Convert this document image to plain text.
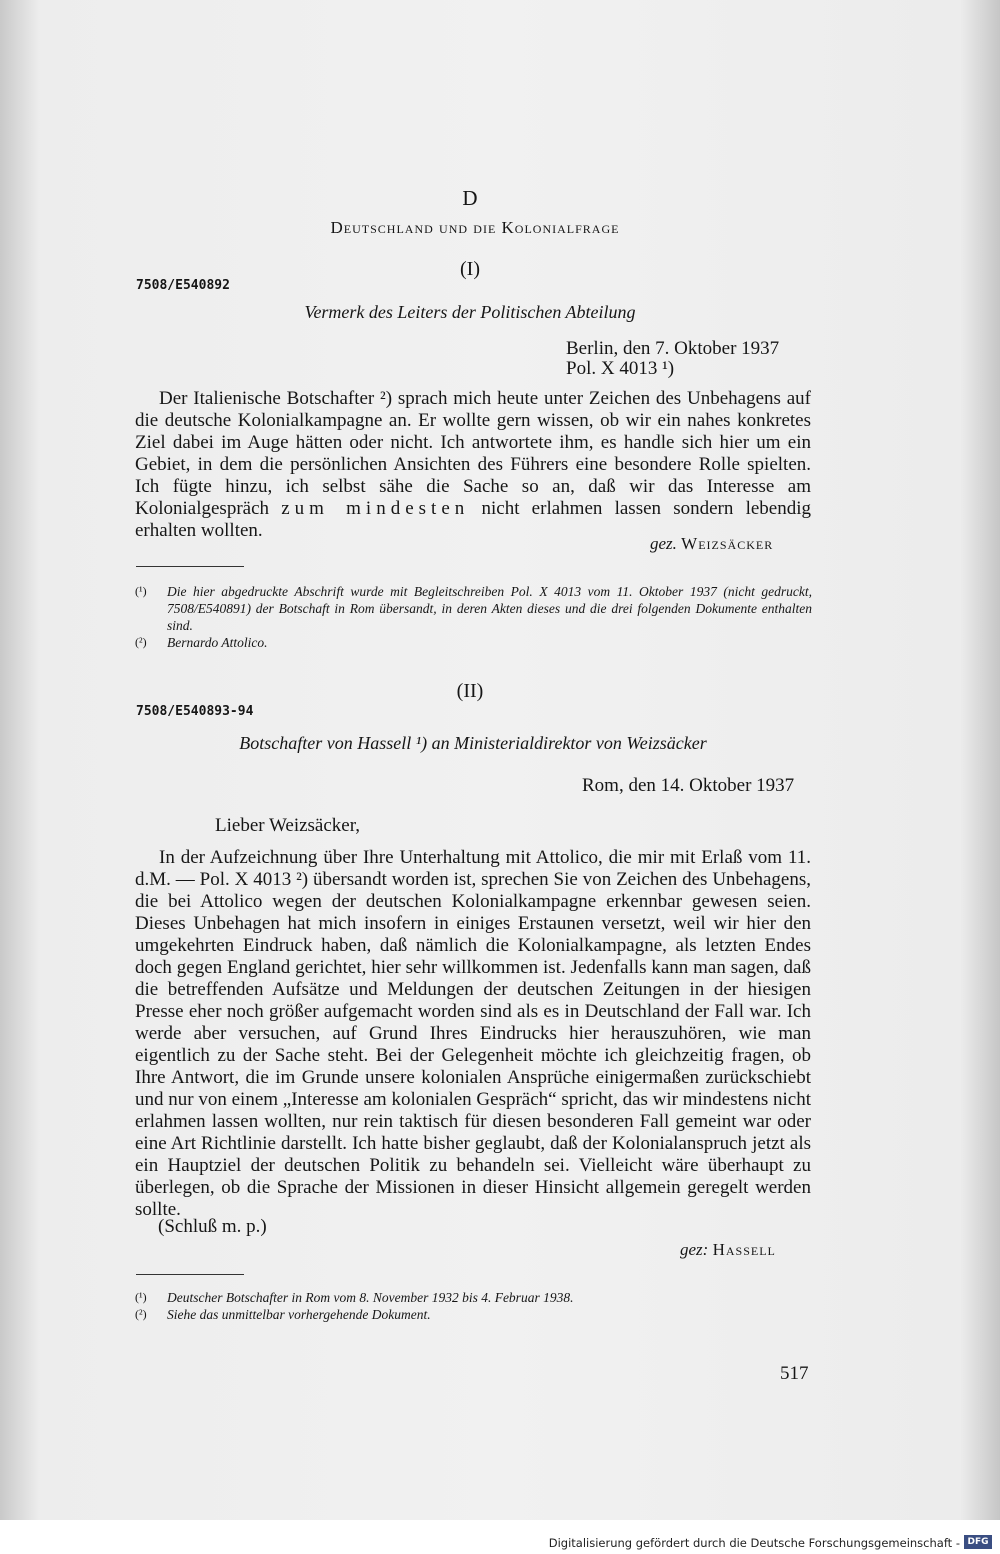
D
Deutschland und die Kolonialfrage
(I)
7508/E540892
Vermerk des Leiters der Politischen Abteilung
Berlin, den 7. Oktober 1937
Pol. X 4013 ¹)

Der Italienische Botschafter ²) sprach mich heute unter Zeichen des Unbehagens auf die deutsche Kolonialkampagne an. Er wollte gern wissen, ob wir ein nahes konkretes Ziel dabei im Auge hätten oder nicht. Ich antwortete ihm, es handle sich hier um ein Gebiet, in dem die persönlichen Ansichten des Führers eine besondere Rolle spielten. Ich fügte hinzu, ich selbst sähe die Sache so an, daß wir das Interesse am Kolonialgespräch zum mindesten nicht erlahmen lassen sondern lebendig erhalten wollten.

gez. Weizsäcker
(¹)	Die hier abgedruckte Abschrift wurde mit Begleitschreiben Pol. X 4013 vom 11. Oktober 1937 (nicht gedruckt, 7508/E540891) der Botschaft in Rom übersandt, in deren Akten dieses und die drei folgenden Dokumente enthalten sind.
(²)	Bernardo Attolico.
(II)
7508/E540893-94
Botschafter von Hassell ¹) an Ministerialdirektor von Weizsäcker
Rom, den 14. Oktober 1937
Lieber Weizsäcker,

In der Aufzeichnung über Ihre Unterhaltung mit Attolico, die mir mit Erlaß vom 11. d.M. — Pol. X 4013 ²) übersandt worden ist, sprechen Sie von Zeichen des Unbehagens, die bei Attolico wegen der deutschen Kolonialkampagne erkennbar gewesen seien. Dieses Unbehagen hat mich insofern in einiges Erstaunen versetzt, weil wir hier den umgekehrten Eindruck haben, daß nämlich die Kolonialkampagne, als letzten Endes doch gegen England gerichtet, hier sehr willkommen ist. Jedenfalls kann man sagen, daß die betreffenden Aufsätze und Meldungen der deutschen Zeitungen in der hiesigen Presse eher noch größer aufgemacht worden sind als es in Deutschland der Fall war. Ich werde aber versuchen, auf Grund Ihres Eindrucks hier herauszuhören, wie man eigentlich zu der Sache steht. Bei der Gelegenheit möchte ich gleichzeitig fragen, ob Ihre Antwort, die im Grunde unsere kolonialen Ansprüche einigermaßen zurückschiebt und nur von einem „Interesse am kolonialen Gespräch“ spricht, das wir mindestens nicht erlahmen lassen wollten, nur rein taktisch für diesen besonderen Fall gemeint war oder eine Art Richtlinie darstellt. Ich hatte bisher geglaubt, daß der Kolonialanspruch jetzt als ein Hauptziel der deutschen Politik zu behandeln sei. Vielleicht wäre überhaupt zu überlegen, ob die Sprache der Missionen in dieser Hinsicht allgemein geregelt werden sollte.

(Schluß m. p.)
gez: Hassell
(¹)	Deutscher Botschafter in Rom vom 8. November 1932 bis 4. Februar 1938.
(²)	Siehe das unmittelbar vorhergehende Dokument.
517
Digitalisierung gefördert durch die Deutsche Forschungsgemeinschaft - DFG
